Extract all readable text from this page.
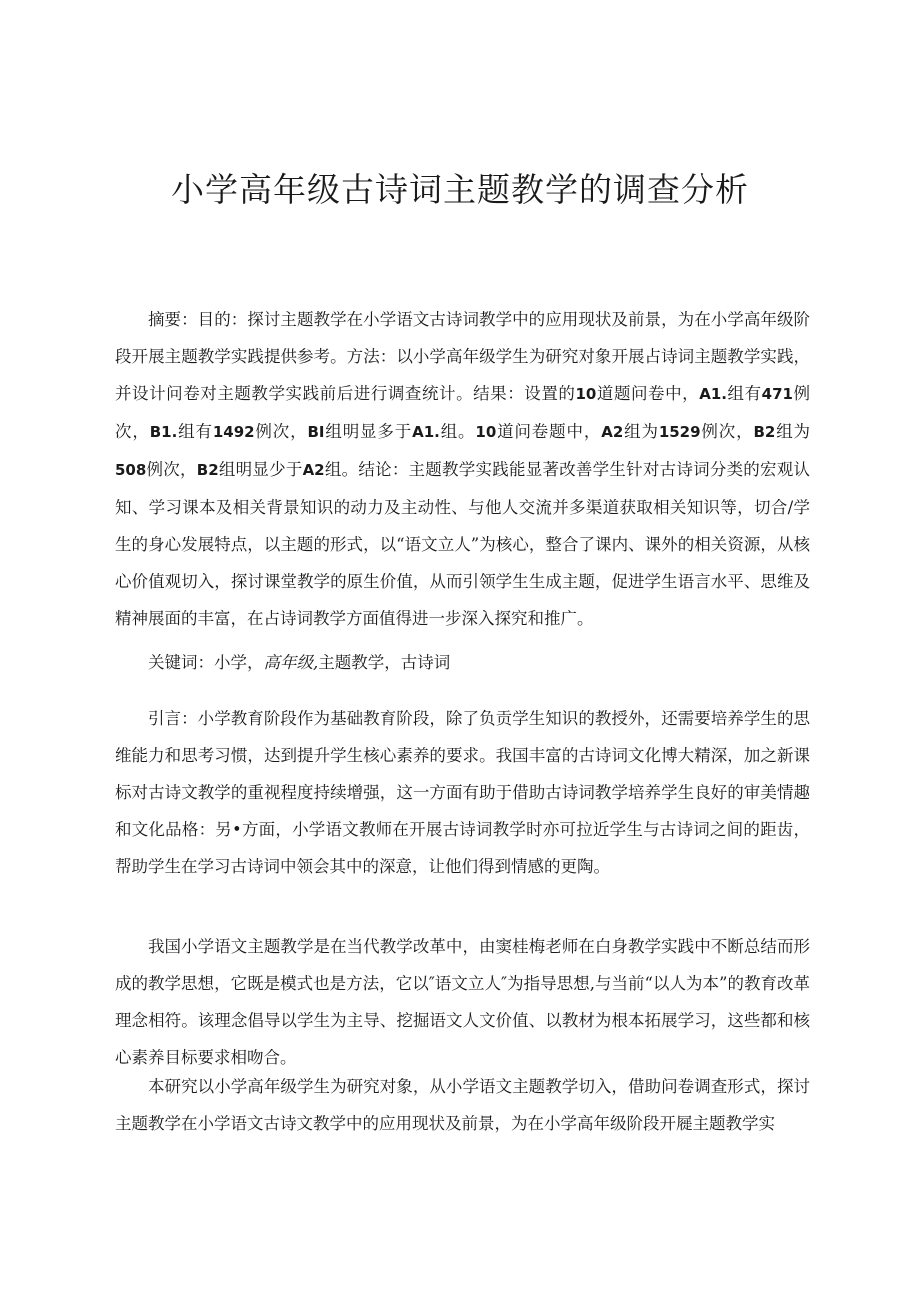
小学高年级古诗词主题教学的调查分析

摘要：目的：探讨主题教学在小学语文古诗词教学中的应用现状及前景，为在小学高年级阶段开展主题教学实践提供参考。方法：以小学高年级学生为研究对象开展占诗词主题教学实践，并设计问卷对主题教学实践前后进行调查统计。结果：设置的10道题问卷中，A1.组有471例次，B1.组有1492例次，BI组明显多于A1.组。10道问卷题中，A2组为1529例次，B2组为508例次，B2组明显少于A2组。结论：主题教学实践能显著改善学生针对古诗词分类的宏观认知、学习课本及相关背景知识的动力及主动性、与他人交流并多渠道获取相关知识等，切合/学生的身心发展特点，以主题的形式，以“语文立人”为核心，整合了课内、课外的相关资源，从核心价值观切入，探讨课堂教学的原生价值，从而引领学生生成主题，促进学生语言水平、思维及精神展面的丰富，在占诗词教学方面值得进一步深入探究和推广。

关键词：小学，高年级,主题教学，古诗词

引言：小学教育阶段作为基础教育阶段，除了负贡学生知识的教授外，还需要培养学生的思维能力和思考习惯，达到提升学生核心素养的要求。我国丰富的古诗词文化博大精深，加之新课标对古诗文教学的重视程度持续增强，这一方面有助于借助古诗词教学培养学生良好的审美情趣和文化品格：另•方面，小学语文教师在开展古诗词教学时亦可拉近学生与古诗词之间的距齿，帮助学生在学习古诗词中领会其中的深意，让他们得到情感的更陶。

我国小学语文主题教学是在当代教学改革中，由窦桂梅老师在白身教学实践中不断总结而形成的教学思想，它既是模式也是方法，它以″语文立人″为指导思想,与当前“以人为本”的教育改革理念相符。该理念倡导以学生为主导、挖掘语文人文价值、以教材为根本拓展学习，这些都和核心素养目标要求相吻合。

本研究以小学高年级学生为研究对象，从小学语文主题教学切入，借助问卷调查形式，探讨主题教学在小学语文古诗文教学中的应用现状及前景，为在小学高年级阶段开屣主题教学实
